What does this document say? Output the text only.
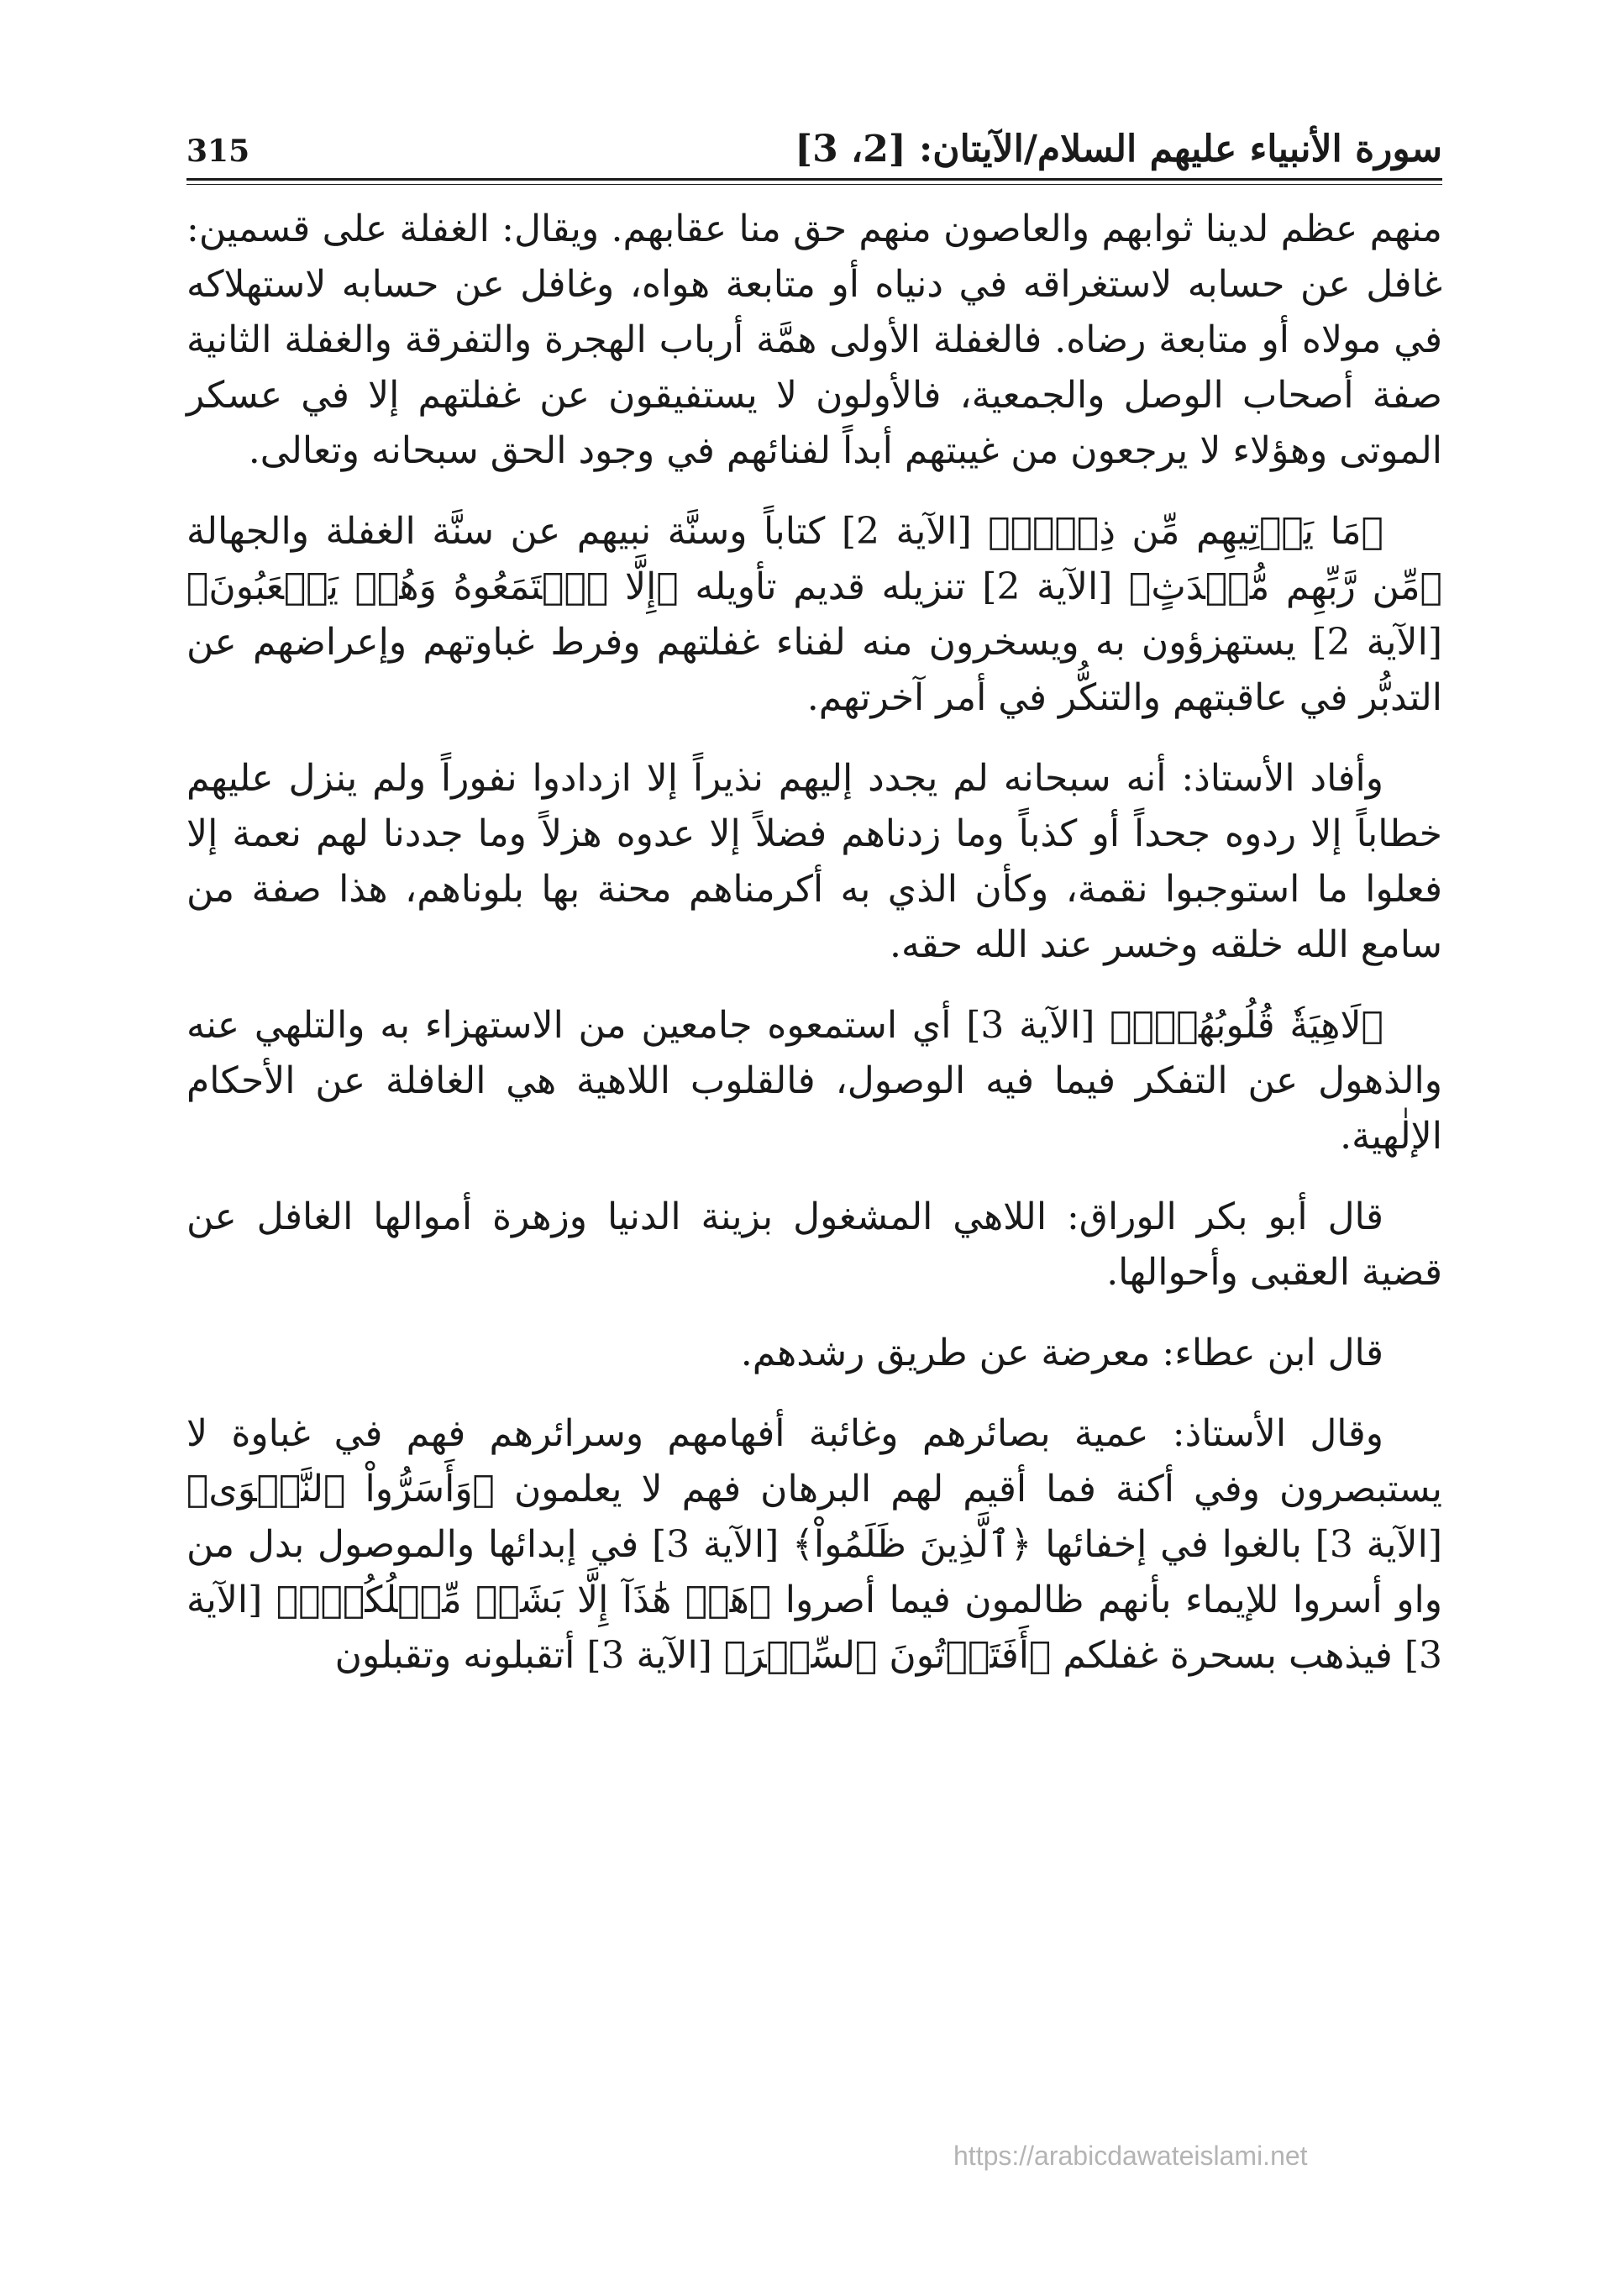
سورة الأنبياء عليهم السلام/الآيتان: [2، 3]
315

منهم عظم لدينا ثوابهم والعاصون منهم حق منا عقابهم. ويقال: الغفلة على قسمين: غافل عن حسابه لاستغراقه في دنياه أو متابعة هواه، وغافل عن حسابه لاستهلاكه في مولاه أو متابعة رضاه. فالغفلة الأولى همَّة أرباب الهجرة والتفرقة والغفلة الثانية صفة أصحاب الوصل والجمعية، فالأولون لا يستفيقون عن غفلتهم إلا في عسكر الموتى وهؤلاء لا يرجعون من غيبتهم أبداً لفنائهم في وجود الحق سبحانه وتعالى.

﴿مَا يَأۡتِيهِم مِّن ذِكۡرٖ﴾ [الآية 2] كتاباً وسنَّة نبيهم عن سنَّة الغفلة والجهالة ﴿مِّن رَّبِّهِم مُّحۡدَثٍ﴾ [الآية 2] تنزيله قديم تأويله ﴿إِلَّا ٱسۡتَمَعُوهُ وَهُمۡ يَلۡعَبُونَ﴾ [الآية 2] يستهزؤون به ويسخرون منه لفناء غفلتهم وفرط غباوتهم وإعراضهم عن التدبُّر في عاقبتهم والتنكُّر في أمر آخرتهم.

وأفاد الأستاذ: أنه سبحانه لم يجدد إليهم نذيراً إلا ازدادوا نفوراً ولم ينزل عليهم خطاباً إلا ردوه جحداً أو كذباً وما زدناهم فضلاً إلا عدوه هزلاً وما جددنا لهم نعمة إلا فعلوا ما استوجبوا نقمة، وكأن الذي به أكرمناهم محنة بها بلوناهم، هذا صفة من سامع الله خلقه وخسر عند الله حقه.

﴿لَاهِيَةٗ قُلُوبُهُمۡۗ﴾ [الآية 3] أي استمعوه جامعين من الاستهزاء به والتلهي عنه والذهول عن التفكر فيما فيه الوصول، فالقلوب اللاهية هي الغافلة عن الأحكام الإلٰهية.

قال أبو بكر الوراق: اللاهي المشغول بزينة الدنيا وزهرة أموالها الغافل عن قضية العقبى وأحوالها.

قال ابن عطاء: معرضة عن طريق رشدهم.

وقال الأستاذ: عمية بصائرهم وغائبة أفهامهم وسرائرهم فهم في غباوة لا يستبصرون وفي أكنة فما أقيم لهم البرهان فهم لا يعلمون ﴿وَأَسَرُّواْ ٱلنَّجۡوَى﴾ [الآية 3] بالغوا في إخفائها ﴿ٱلَّذِينَ ظَلَمُواْ﴾ [الآية 3] في إبدائها والموصول بدل من واو أسروا للإيماء بأنهم ظالمون فيما أصروا ﴿هَلۡ هَٰذَآ إِلَّا بَشَرٞ مِّثۡلُكُمۡۖ﴾ [الآية 3] فيذهب بسحرة غفلكم ﴿أَفَتَأۡتُونَ ٱلسِّحۡرَ﴾ [الآية 3] أتقبلونه وتقبلون

https://arabicdawateislami.net
